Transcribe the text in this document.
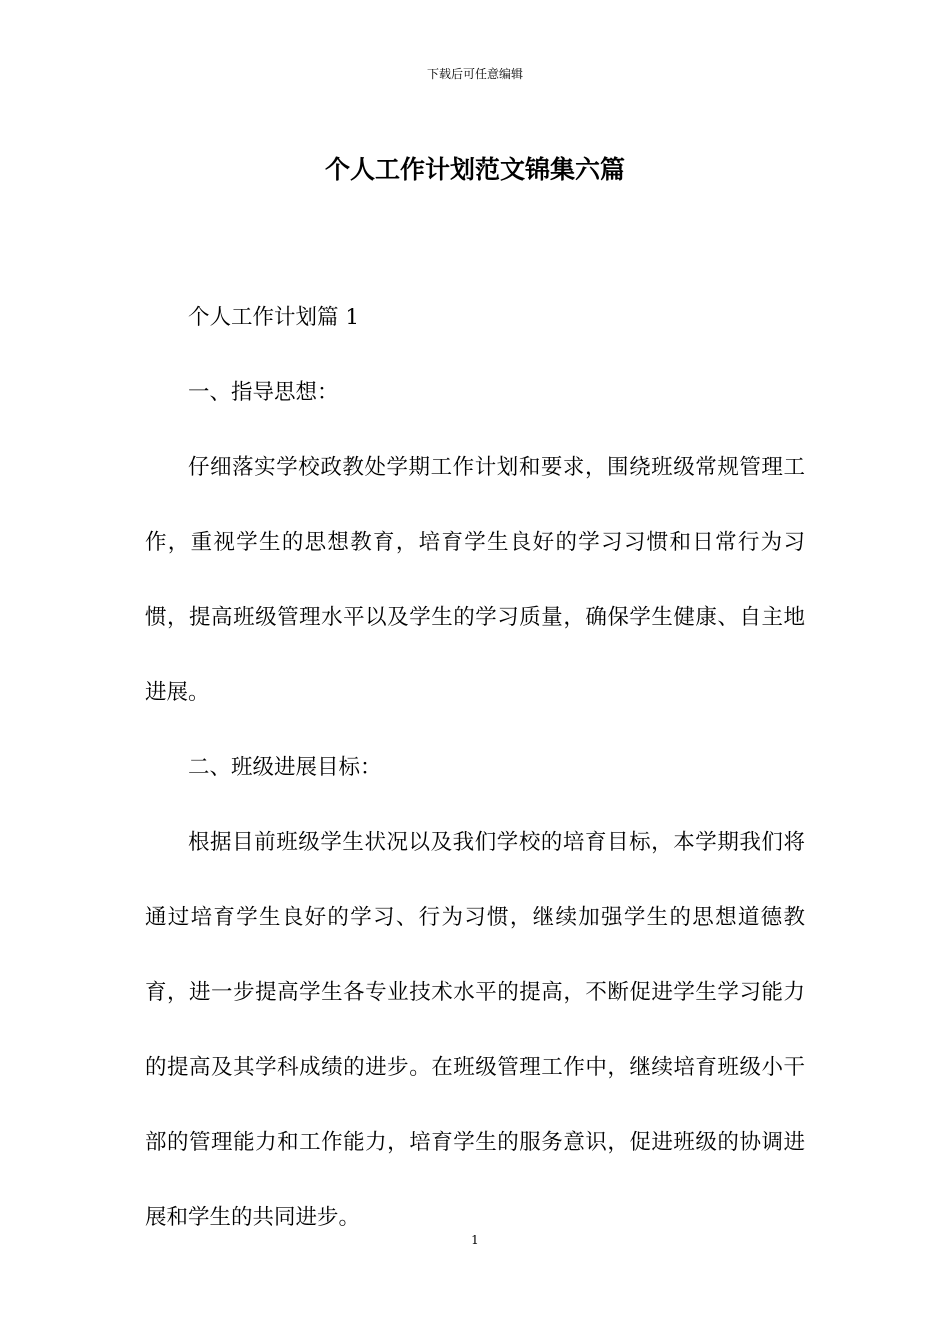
下载后可任意编辑
个人工作计划范文锦集六篇

个人工作计划篇 1

一、指导思想：

仔细落实学校政教处学期工作计划和要求，围绕班级常规管理工作，重视学生的思想教育，培育学生良好的学习习惯和日常行为习惯，提高班级管理水平以及学生的学习质量，确保学生健康、自主地进展。

二、班级进展目标：

根据目前班级学生状况以及我们学校的培育目标，本学期我们将通过培育学生良好的学习、行为习惯，继续加强学生的思想道德教育，进一步提高学生各专业技术水平的提高，不断促进学生学习能力的提高及其学科成绩的进步。在班级管理工作中，继续培育班级小干部的管理能力和工作能力，培育学生的服务意识，促进班级的协调进展和学生的共同进步。

1
